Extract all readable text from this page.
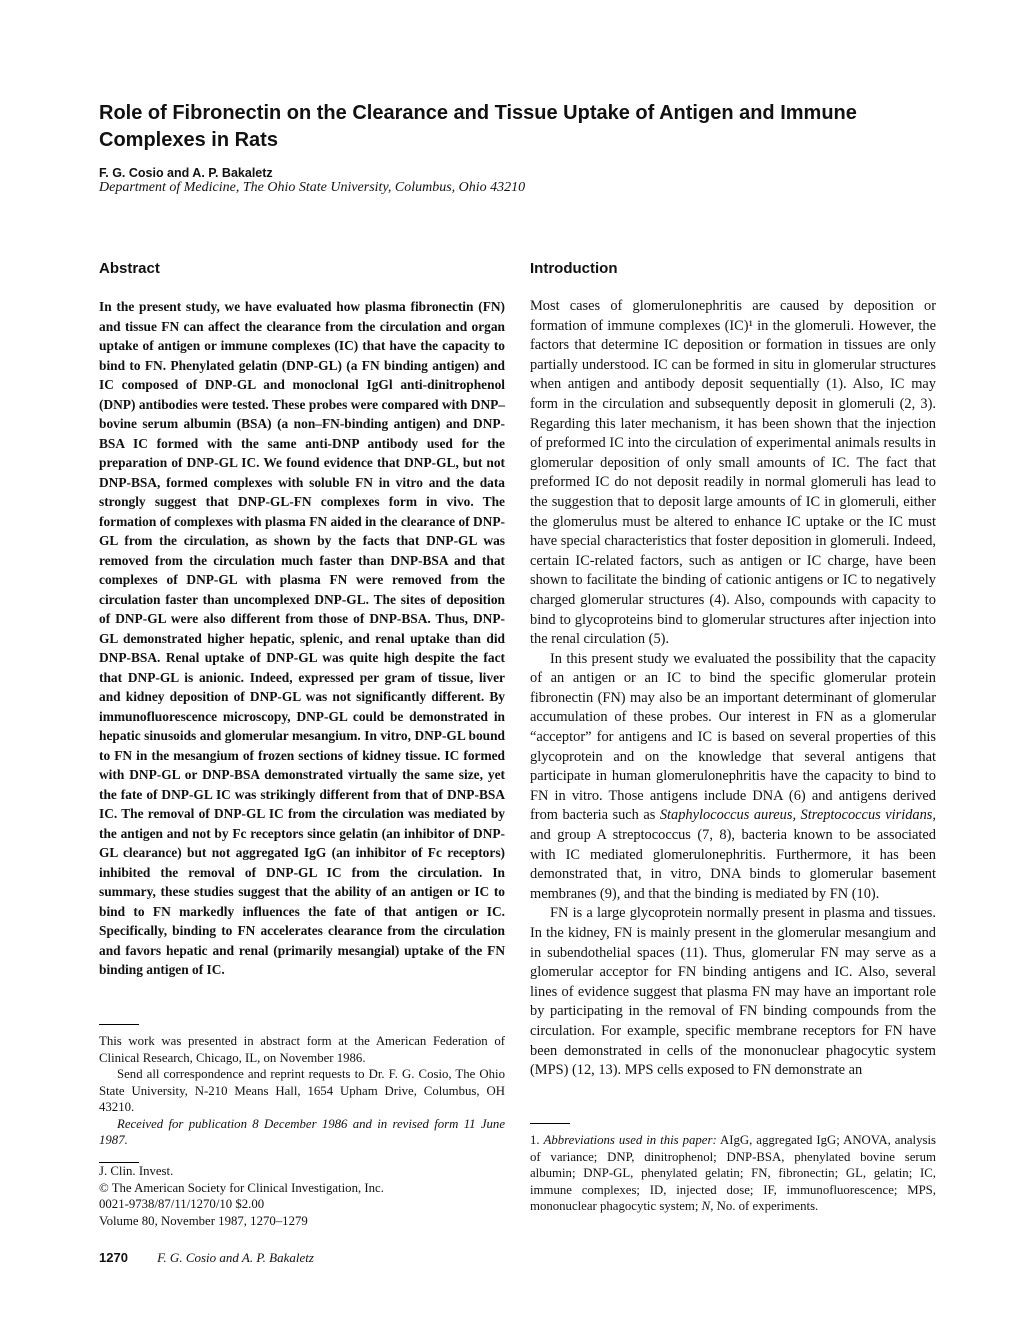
Role of Fibronectin on the Clearance and Tissue Uptake of Antigen and Immune Complexes in Rats
F. G. Cosio and A. P. Bakaletz
Department of Medicine, The Ohio State University, Columbus, Ohio 43210
Abstract

In the present study, we have evaluated how plasma fibronectin (FN) and tissue FN can affect the clearance from the circulation and organ uptake of antigen or immune complexes (IC) that have the capacity to bind to FN. Phenylated gelatin (DNP-GL) (a FN binding antigen) and IC composed of DNP-GL and monoclonal IgGl anti-dinitrophenol (DNP) antibodies were tested. These probes were compared with DNP–bovine serum albumin (BSA) (a non–FN-binding antigen) and DNP-BSA IC formed with the same anti-DNP antibody used for the preparation of DNP-GL IC. We found evidence that DNP-GL, but not DNP-BSA, formed complexes with soluble FN in vitro and the data strongly suggest that DNP-GL-FN complexes form in vivo. The formation of complexes with plasma FN aided in the clearance of DNP-GL from the circulation, as shown by the facts that DNP-GL was removed from the circulation much faster than DNP-BSA and that complexes of DNP-GL with plasma FN were removed from the circulation faster than uncomplexed DNP-GL. The sites of deposition of DNP-GL were also different from those of DNP-BSA. Thus, DNP-GL demonstrated higher hepatic, splenic, and renal uptake than did DNP-BSA. Renal uptake of DNP-GL was quite high despite the fact that DNP-GL is anionic. Indeed, expressed per gram of tissue, liver and kidney deposition of DNP-GL was not significantly different. By immunofluorescence microscopy, DNP-GL could be demonstrated in hepatic sinusoids and glomerular mesangium. In vitro, DNP-GL bound to FN in the mesangium of frozen sections of kidney tissue. IC formed with DNP-GL or DNP-BSA demonstrated virtually the same size, yet the fate of DNP-GL IC was strikingly different from that of DNP-BSA IC. The removal of DNP-GL IC from the circulation was mediated by the antigen and not by Fc receptors since gelatin (an inhibitor of DNP-GL clearance) but not aggregated IgG (an inhibitor of Fc receptors) inhibited the removal of DNP-GL IC from the circulation. In summary, these studies suggest that the ability of an antigen or IC to bind to FN markedly influences the fate of that antigen or IC. Specifically, binding to FN accelerates clearance from the circulation and favors hepatic and renal (primarily mesangial) uptake of the FN binding antigen of IC.

This work was presented in abstract form at the American Federation of Clinical Research, Chicago, IL, on November 1986.

Send all correspondence and reprint requests to Dr. F. G. Cosio, The Ohio State University, N-210 Means Hall, 1654 Upham Drive, Columbus, OH 43210.

Received for publication 8 December 1986 and in revised form 11 June 1987.

J. Clin. Invest.
© The American Society for Clinical Investigation, Inc.
0021-9738/87/11/1270/10 $2.00
Volume 80, November 1987, 1270–1279
Introduction

Most cases of glomerulonephritis are caused by deposition or formation of immune complexes (IC)¹ in the glomeruli. However, the factors that determine IC deposition or formation in tissues are only partially understood. IC can be formed in situ in glomerular structures when antigen and antibody deposit sequentially (1). Also, IC may form in the circulation and subsequently deposit in glomeruli (2, 3). Regarding this later mechanism, it has been shown that the injection of preformed IC into the circulation of experimental animals results in glomerular deposition of only small amounts of IC. The fact that preformed IC do not deposit readily in normal glomeruli has lead to the suggestion that to deposit large amounts of IC in glomeruli, either the glomerulus must be altered to enhance IC uptake or the IC must have special characteristics that foster deposition in glomeruli. Indeed, certain IC-related factors, such as antigen or IC charge, have been shown to facilitate the binding of cationic antigens or IC to negatively charged glomerular structures (4). Also, compounds with capacity to bind to glycoproteins bind to glomerular structures after injection into the renal circulation (5).

In this present study we evaluated the possibility that the capacity of an antigen or an IC to bind the specific glomerular protein fibronectin (FN) may also be an important determinant of glomerular accumulation of these probes. Our interest in FN as a glomerular “acceptor” for antigens and IC is based on several properties of this glycoprotein and on the knowledge that several antigens that participate in human glomerulonephritis have the capacity to bind to FN in vitro. Those antigens include DNA (6) and antigens derived from bacteria such as Staphylococcus aureus, Streptococcus viridans, and group A streptococcus (7, 8), bacteria known to be associated with IC mediated glomerulonephritis. Furthermore, it has been demonstrated that, in vitro, DNA binds to glomerular basement membranes (9), and that the binding is mediated by FN (10).

FN is a large glycoprotein normally present in plasma and tissues. In the kidney, FN is mainly present in the glomerular mesangium and in subendothelial spaces (11). Thus, glomerular FN may serve as a glomerular acceptor for FN binding antigens and IC. Also, several lines of evidence suggest that plasma FN may have an important role by participating in the removal of FN binding compounds from the circulation. For example, specific membrane receptors for FN have been demonstrated in cells of the mononuclear phagocytic system (MPS) (12, 13). MPS cells exposed to FN demonstrate an

1. Abbreviations used in this paper: AIgG, aggregated IgG; ANOVA, analysis of variance; DNP, dinitrophenol; DNP-BSA, phenylated bovine serum albumin; DNP-GL, phenylated gelatin; FN, fibronectin; GL, gelatin; IC, immune complexes; ID, injected dose; IF, immunofluorescence; MPS, mononuclear phagocytic system; N, No. of experiments.

1270 F. G. Cosio and A. P. Bakaletz
